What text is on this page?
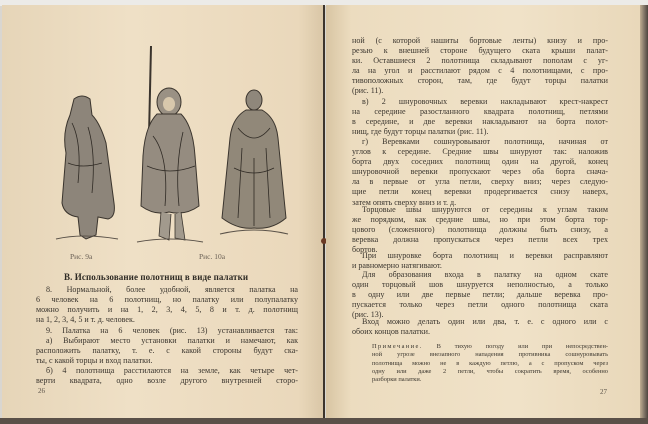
Рис. 9а	Рис. 10а
В. Использование полотнищ в виде палатки
8. Нормальной, более удобной, является палатка на
6 человек на 6 полотнищ, но палатку или полупалатку
можно получить и на 1, 2, 3, 4, 5, 8 и т. д. полотнищ
на 1, 2, 3, 4, 5 и т. д. человек.
9. Палатка на 6 человек (рис. 13) устанавливается так:
а) Выбирают место установки палатки и намечают, как
расположить палатку, т. е. с какой стороны будут ска-
ты, с какой торцы и вход палатки.
б) 4 полотнища расстилаются на земле, как четыре чет-
верти квадрата, одно возле другого внутренней сторо-
26
ной (с которой нашиты бортовые ленты) книзу и про-
резью к внешней стороне будущего ската крыши палат-
ки. Оставшиеся 2 полотнища складывают пополам с уг-
ла на угол и расстилают рядом с 4 полотнищами, с про-
тивоположных сторон, там, где будут торцы палатки
(рис. 11).
в) 2 шнуровочных веревки накладывают крест-накрест
на середине разостланного квадрата полотнищ, петлями
в середине, и две веревки накладывают на борта полот-
нищ, где будут торцы палатки (рис. 11).
г) Веревками сошнуровывают полотнища, начиная от
углов к середине. Средние швы шнуруют так: наложив
борта двух соседних полотнищ один на другой, конец
шнуровочной веревки пропускают через оба борта снача-
ла в первые от угла петли, сверху вниз; через следую-
щие петли конец веревки продергивается снизу наверх,
затем опять сверху вниз и т. д.
Торцовые швы шнуруются от середины к углам таким
же порядком, как средние швы, но при этом борта тор-
цового (сложенного) полотнища должны быть снизу, а
веревка должна пропускаться через петли всех трех
бортов.
При шнуровке борта полотнищ и веревки расправляют
и равномерно натягивают.
Для образования входа в палатку на одном скате
один торцовый шов шнуруется неполностью, а только
в одну или две первые петли; дальше веревка про-
пускается только через петли одного полотнища ската
(рис. 13).
Вход можно делать один или два, т. е. с одного или с
обоих концов палатки.
Примечание. В тихую погоду или при непосредствен-
ной угрозе внезапного нападения противника сошнуровывать
полотнища можно не в каждую петлю, а с пропуском через
одну или даже 2 петли, чтобы сократить время, особенно
разборки палатки.
27
